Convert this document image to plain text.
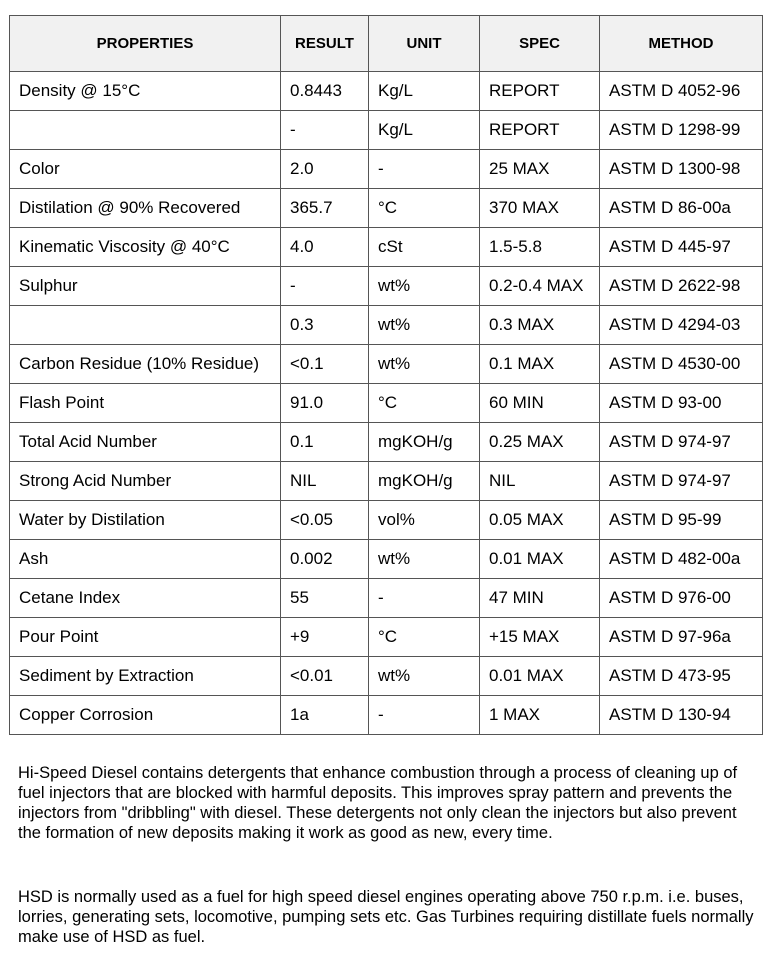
PROPERTIES	RESULT	UNIT	SPEC	METHOD
Density @ 15°C	0.8443	Kg/L	REPORT	ASTM D 4052-96
	-	Kg/L	REPORT	ASTM D 1298-99
Color	2.0	-	25 MAX	ASTM D 1300-98
Distilation @ 90% Recovered	365.7	°C	370 MAX	ASTM D 86-00a
Kinematic Viscosity @ 40°C	4.0	cSt	1.5-5.8	ASTM D 445-97
Sulphur	-	wt%	0.2-0.4 MAX	ASTM D 2622-98
	0.3	wt%	0.3 MAX	ASTM D 4294-03
Carbon Residue (10% Residue)	<0.1	wt%	0.1 MAX	ASTM D 4530-00
Flash Point	91.0	°C	60 MIN	ASTM D 93-00
Total Acid Number	0.1	mgKOH/g	0.25 MAX	ASTM D 974-97
Strong Acid Number	NIL	mgKOH/g	NIL	ASTM D 974-97
Water by Distilation	<0.05	vol%	0.05 MAX	ASTM D 95-99
Ash	0.002	wt%	0.01 MAX	ASTM D 482-00a
Cetane Index	55	-	47 MIN	ASTM D 976-00
Pour Point	+9	°C	+15 MAX	ASTM D 97-96a
Sediment by Extraction	<0.01	wt%	0.01 MAX	ASTM D 473-95
Copper Corrosion	1a	-	1 MAX	ASTM D 130-94

Hi-Speed Diesel contains detergents that enhance combustion through a process of cleaning up of fuel injectors that are blocked with harmful deposits. This improves spray pattern and prevents the injectors from "dribbling" with diesel. These detergents not only clean the injectors but also prevent the formation of new deposits making it work as good as new, every time.

HSD is normally used as a fuel for high speed diesel engines operating above 750 r.p.m. i.e. buses, lorries, generating sets, locomotive, pumping sets etc. Gas Turbines requiring distillate fuels normally make use of HSD as fuel.
